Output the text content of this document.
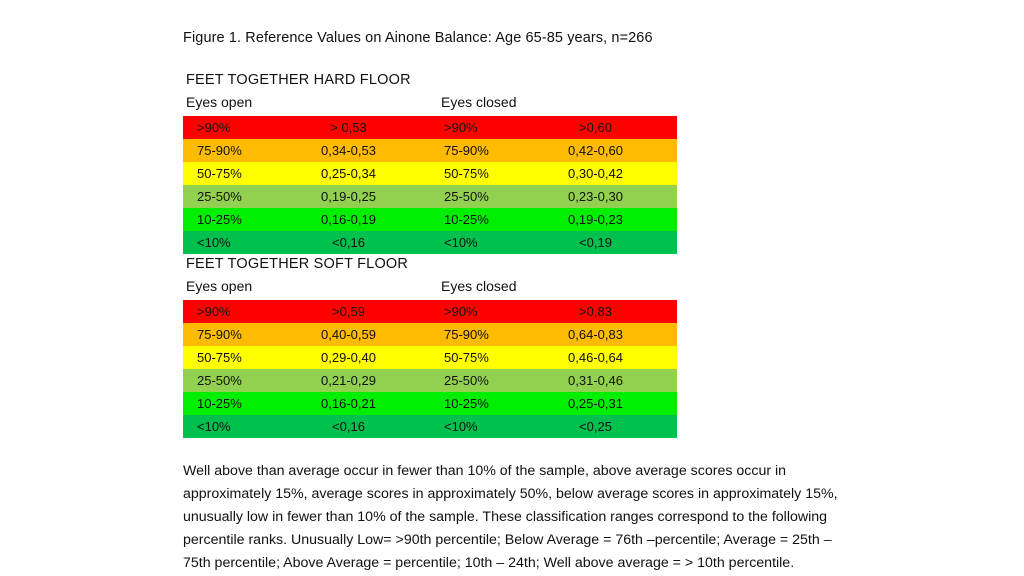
Figure 1. Reference Values on Ainone Balance: Age 65-85 years, n=266
FEET TOGETHER HARD FLOOR
Eyes open	Eyes closed
>90%	> 0,53	>90%	>0,60
75-90%	0,34-0,53	75-90%	0,42-0,60
50-75%	0,25-0,34	50-75%	0,30-0,42
25-50%	0,19-0,25	25-50%	0,23-0,30
10-25%	0,16-0,19	10-25%	0,19-0,23
<10%	<0,16	<10%	<0,19
FEET TOGETHER SOFT FLOOR
Eyes open	Eyes closed
>90%	>0,59	>90%	>0,83
75-90%	0,40-0,59	75-90%	0,64-0,83
50-75%	0,29-0,40	50-75%	0,46-0,64
25-50%	0,21-0,29	25-50%	0,31-0,46
10-25%	0,16-0,21	10-25%	0,25-0,31
<10%	<0,16	<10%	<0,25
Well above than average occur in fewer than 10% of the sample, above average scores occur in approximately 15%, average scores in approximately 50%, below average scores in approximately 15%, unusually low in fewer than 10% of the sample. These classification ranges correspond to the following percentile ranks. Unusually Low= >90th percentile; Below Average = 76th –percentile; Average = 25th – 75th percentile; Above Average = percentile; 10th – 24th; Well above average = > 10th percentile.
